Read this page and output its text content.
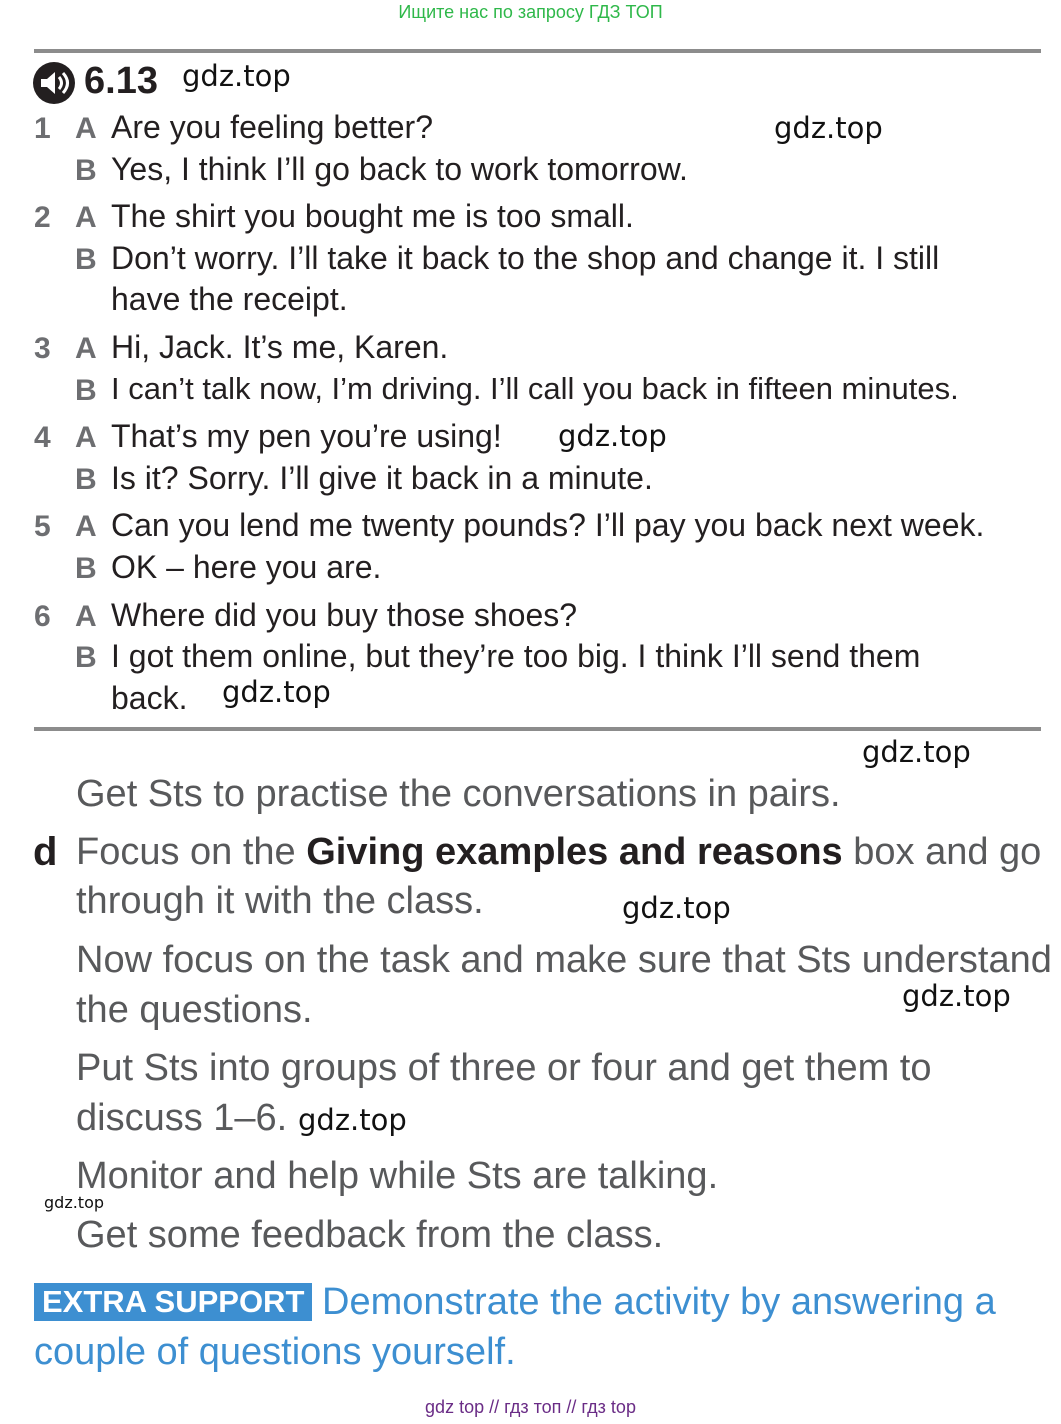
Ищите нас по запросу ГДЗ ТОП
6.13
1 A Are you feeling better?
B Yes, I think I’ll go back to work tomorrow.
2 A The shirt you bought me is too small.
B Don’t worry. I’ll take it back to the shop and change it. I still
have the receipt.
3 A Hi, Jack. It’s me, Karen.
B I can’t talk now, I’m driving. I’ll call you back in fifteen minutes.
4 A That’s my pen you’re using!
B Is it? Sorry. I’ll give it back in a minute.
5 A Can you lend me twenty pounds? I’ll pay you back next week.
B OK – here you are.
6 A Where did you buy those shoes?
B I got them online, but they’re too big. I think I’ll send them
back.
Get Sts to practise the conversations in pairs.
d Focus on the Giving examples and reasons box and go
through it with the class.
Now focus on the task and make sure that Sts understand
the questions.
Put Sts into groups of three or four and get them to
discuss 1–6.
Monitor and help while Sts are talking.
Get some feedback from the class.
EXTRA SUPPORT Demonstrate the activity by answering a
couple of questions yourself.
gdz.top
gdz.top
gdz.top
gdz.top
gdz.top
gdz.top
gdz.top
gdz.top
gdz.top
gdz top // гдз топ // гдз top
